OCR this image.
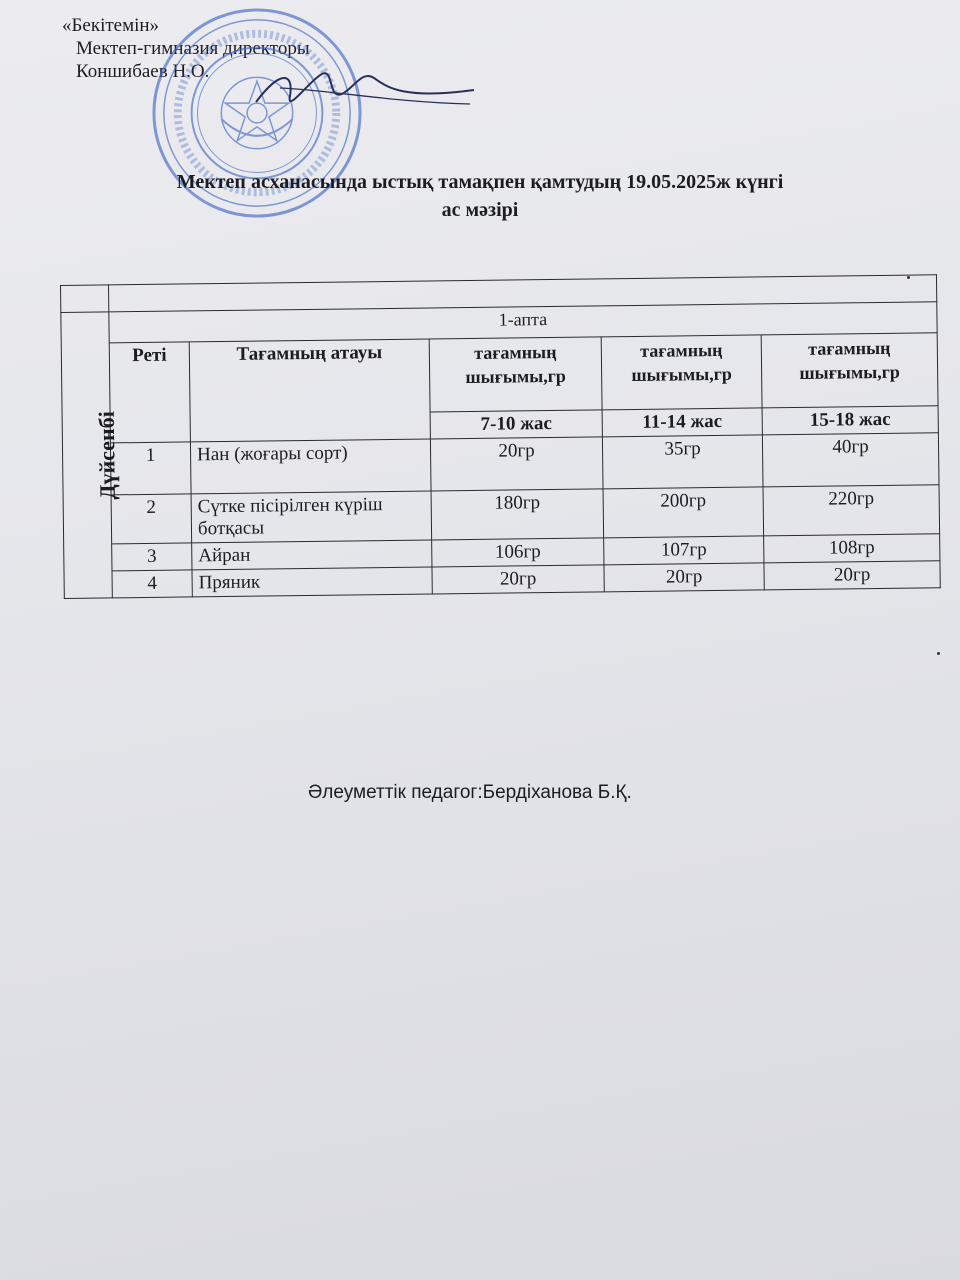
«Бекітемін»
Мектеп-гимназия директоры
Коншибаев Н.О.
Мектеп асханасында ыстық тамақпен қамтудың 19.05.2025ж күнгі
ас мәзірі

Дүйсенбі	1-апта				
	Реті	Тағамның атауы	тағамның шығымы,гр	тағамның шығымы,гр	тағамның шығымы,гр
			7-10 жас	11-14 жас	15-18 жас
	1	Нан (жоғары сорт)	20гр	35гр	40гр
	2	Сүтке пісірілген күріш ботқасы	180гр	200гр	220гр
	3	Айран	106гр	107гр	108гр
	4	Пряник	20гр	20гр	20гр
Әлеуметтік педагог:Бердіханова Б.Қ.
